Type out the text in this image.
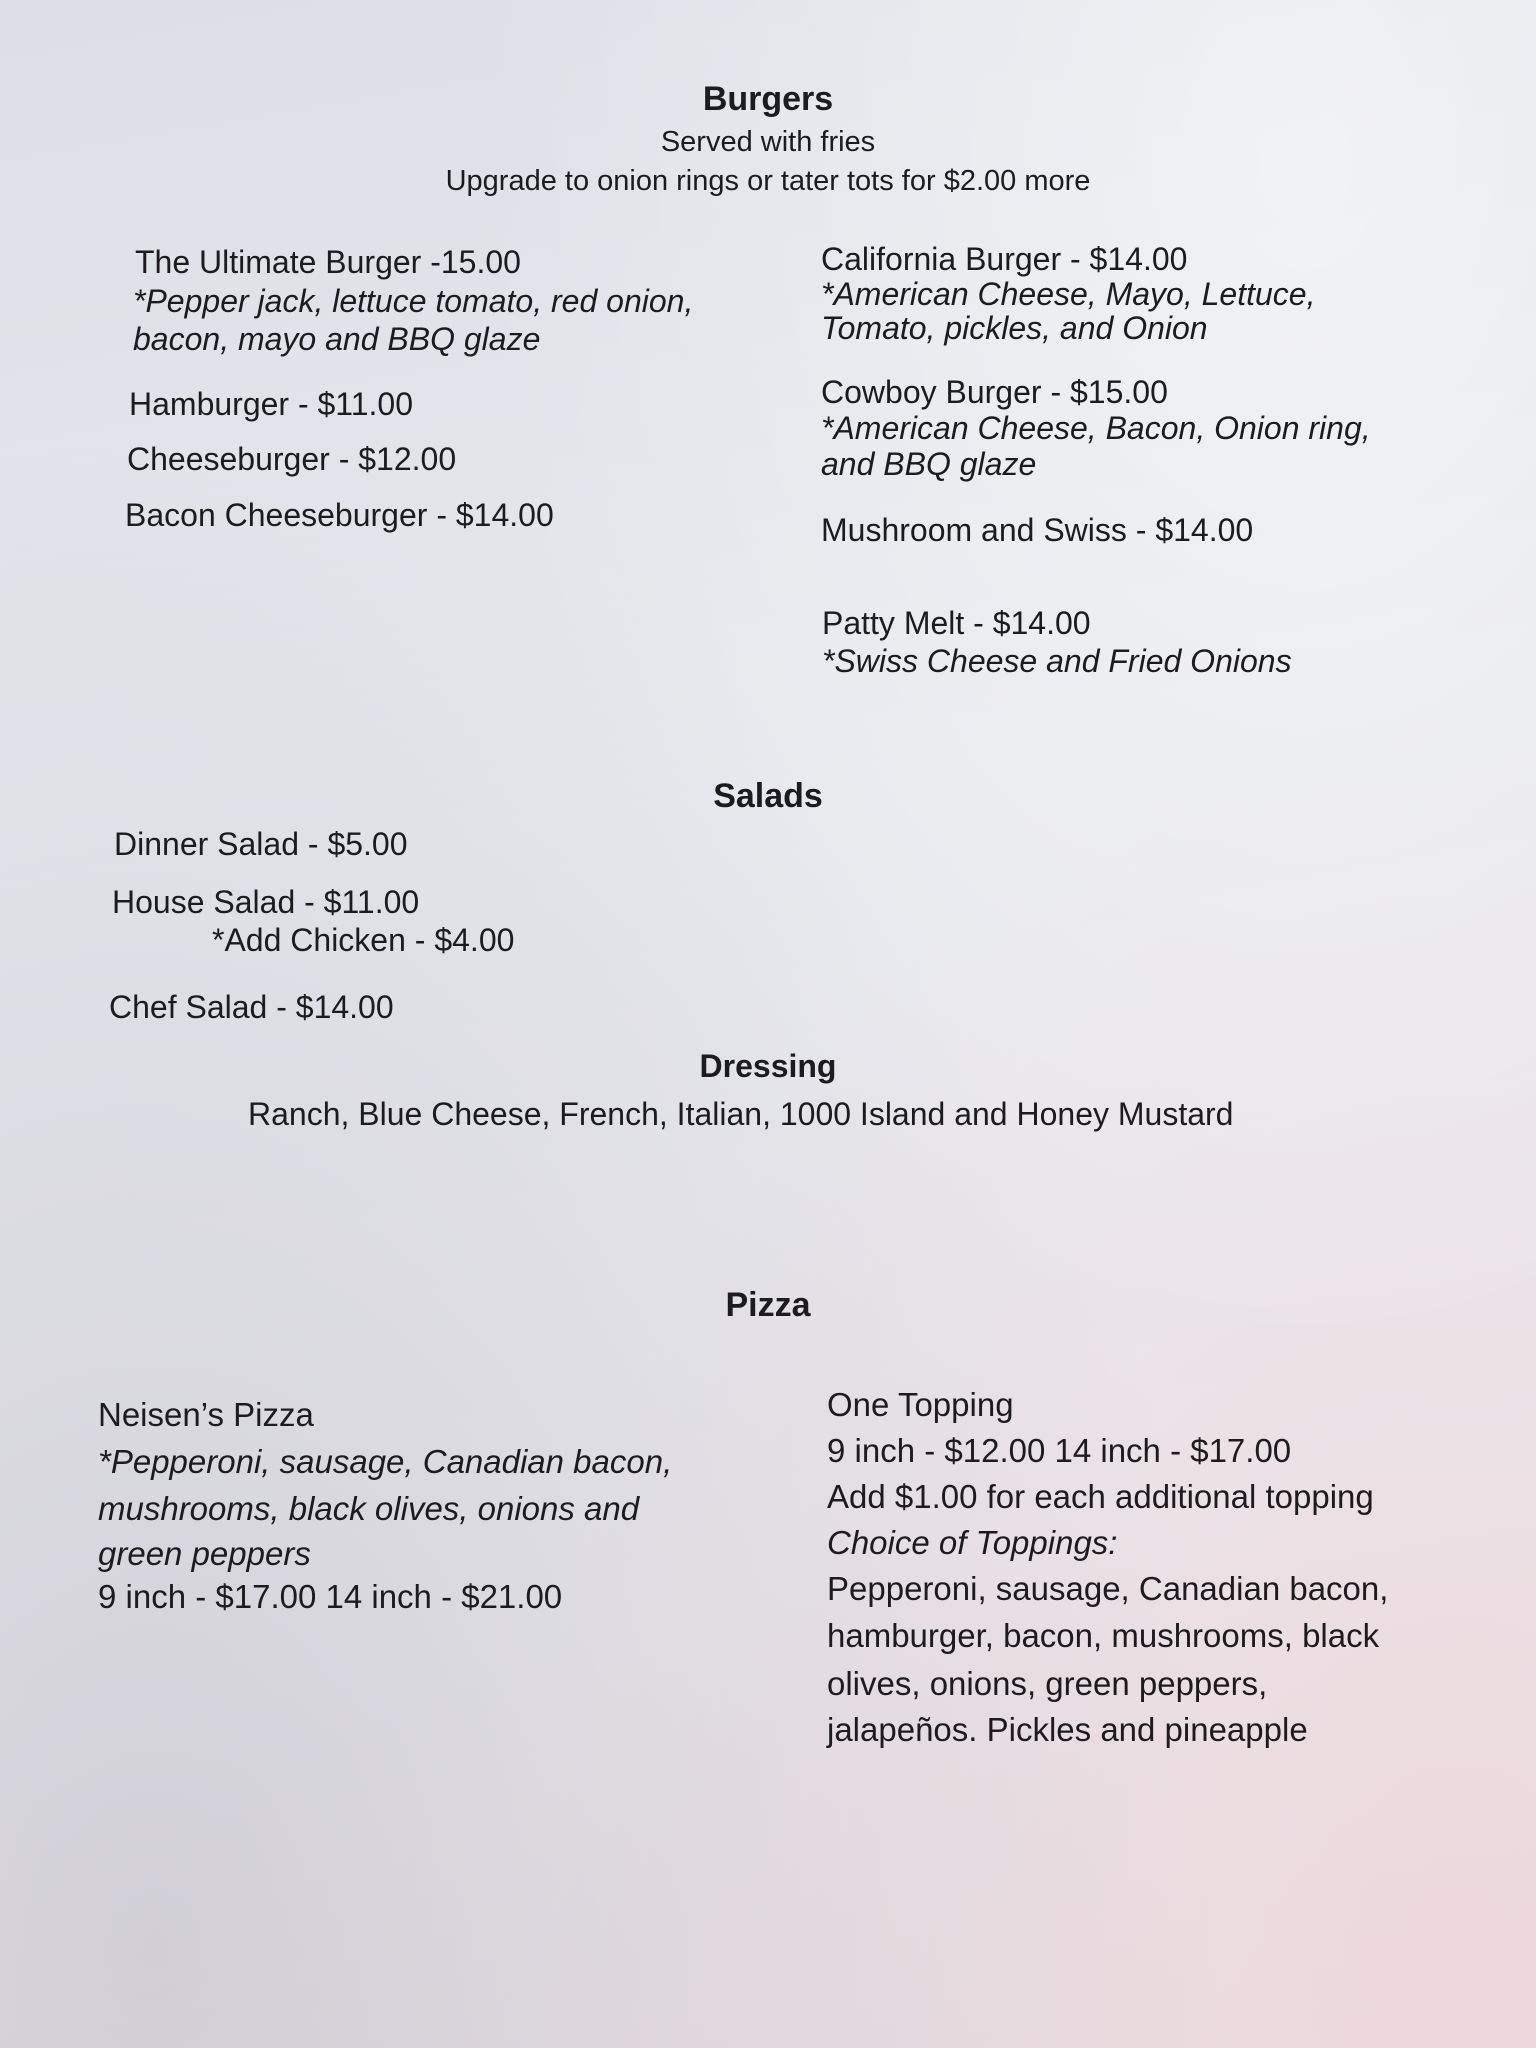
Burgers
Served with fries
Upgrade to onion rings or tater tots for $2.00 more
The Ultimate Burger -15.00
*Pepper jack, lettuce tomato, red onion,
bacon, mayo and BBQ glaze
Hamburger - $11.00
Cheeseburger - $12.00
Bacon Cheeseburger - $14.00
California Burger - $14.00
*American Cheese, Mayo, Lettuce,
Tomato, pickles, and Onion
Cowboy Burger - $15.00
*American Cheese, Bacon, Onion ring,
and BBQ glaze
Mushroom and Swiss - $14.00
Patty Melt - $14.00
*Swiss Cheese and Fried Onions
Salads
Dinner Salad - $5.00
House Salad - $11.00
*Add Chicken - $4.00
Chef Salad - $14.00
Dressing
Ranch, Blue Cheese, French, Italian, 1000 Island and Honey Mustard
Pizza
Neisen’s Pizza
*Pepperoni, sausage, Canadian bacon,
mushrooms, black olives, onions and
green peppers
9 inch - $17.00 14 inch - $21.00
One Topping
9 inch - $12.00 14 inch - $17.00
Add $1.00 for each additional topping
Choice of Toppings:
Pepperoni, sausage, Canadian bacon,
hamburger, bacon, mushrooms, black
olives, onions, green peppers,
jalapeños. Pickles and pineapple
